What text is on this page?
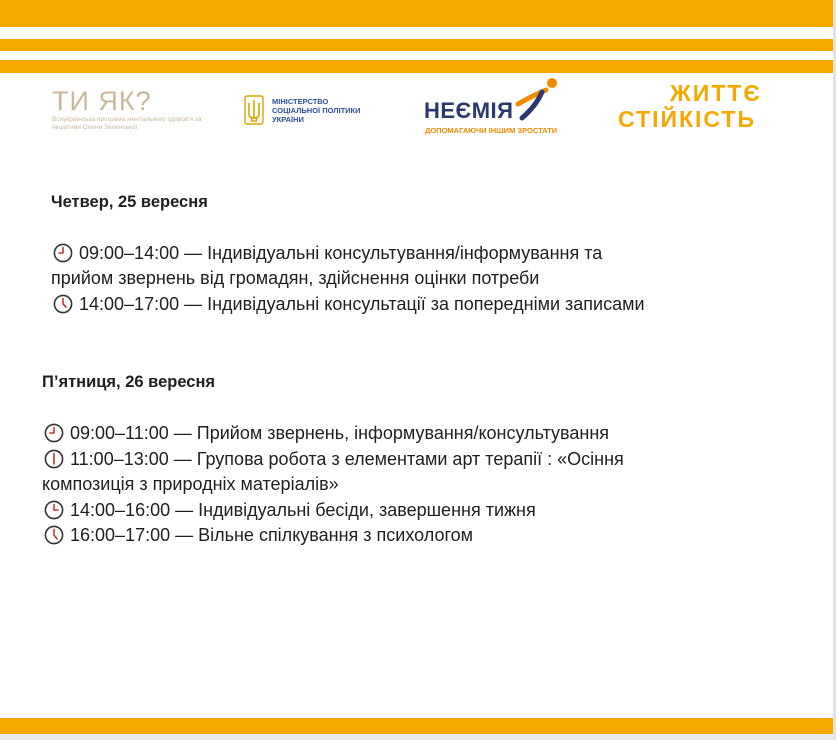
ТИ ЯК?
Всеукраїнська програма ментального здоров'я за ініціативи Олени Зеленської
МІНІСТЕРСТВО
СОЦІАЛЬНОЇ ПОЛІТИКИ
УКРАЇНИ	НЕЄМІЯ
ДОПОМАГАЮЧИ ІНШИМ ЗРОСТАТИ
ЖИТТЄ
СТІЙКІСТЬ
Четвер, 25 вересня
09:00–14:00 — Індивідуальні консультування/інформування та
прийом звернень від громадян, здійснення оцінки потреби
14:00–17:00 — Індивідуальні консультації за попередніми записами
П’ятниця, 26 вересня
09:00–11:00 — Прийом звернень, інформування/консультування
11:00–13:00 — Групова робота з елементами арт терапії : «Осіння
композиція з природніх матеріалів»
14:00–16:00 — Індивідуальні бесіди, завершення тижня
16:00–17:00 — Вільне спілкування з психологом
